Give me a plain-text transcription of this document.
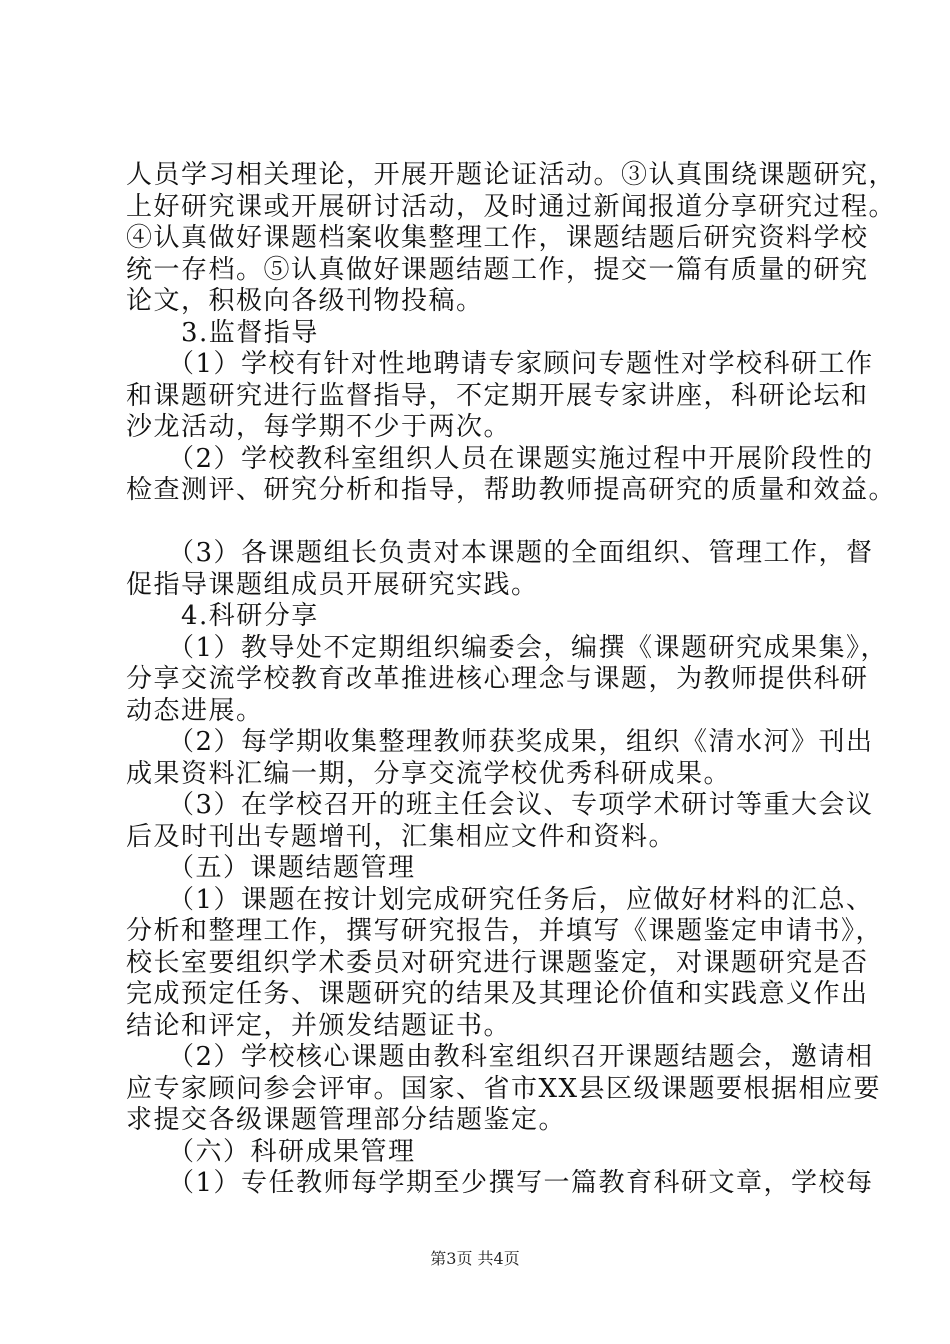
人员学习相关理论，开展开题论证活动。③认真围绕课题研究，
上好研究课或开展研讨活动，及时通过新闻报道分享研究过程。
④认真做好课题档案收集整理工作，课题结题后研究资料学校
统一存档。⑤认真做好课题结题工作，提交一篇有质量的研究
论文，积极向各级刊物投稿。
　　3.监督指导
　　（1）学校有针对性地聘请专家顾问专题性对学校科研工作
和课题研究进行监督指导，不定期开展专家讲座，科研论坛和
沙龙活动，每学期不少于两次。
　　（2）学校教科室组织人员在课题实施过程中开展阶段性的
检查测评、研究分析和指导，帮助教师提高研究的质量和效益。
　　（3）各课题组长负责对本课题的全面组织、管理工作，督
促指导课题组成员开展研究实践。
　　4.科研分享
　　（1）教导处不定期组织编委会，编撰《课题研究成果集》，
分享交流学校教育改革推进核心理念与课题，为教师提供科研
动态进展。
　　（2）每学期收集整理教师获奖成果，组织《清水河》刊出
成果资料汇编一期，分享交流学校优秀科研成果。
　　（3）在学校召开的班主任会议、专项学术研讨等重大会议
后及时刊出专题增刊，汇集相应文件和资料。
　　（五）课题结题管理
　　（1）课题在按计划完成研究任务后，应做好材料的汇总、
分析和整理工作，撰写研究报告，并填写《课题鉴定申请书》，
校长室要组织学术委员对研究进行课题鉴定，对课题研究是否
完成预定任务、课题研究的结果及其理论价值和实践意义作出
结论和评定，并颁发结题证书。
　　（2）学校核心课题由教科室组织召开课题结题会，邀请相
应专家顾问参会评审。国家、省市XX县区级课题要根据相应要
求提交各级课题管理部分结题鉴定。
　　（六）科研成果管理
　　（1）专任教师每学期至少撰写一篇教育科研文章，学校每
第3页 共4页
